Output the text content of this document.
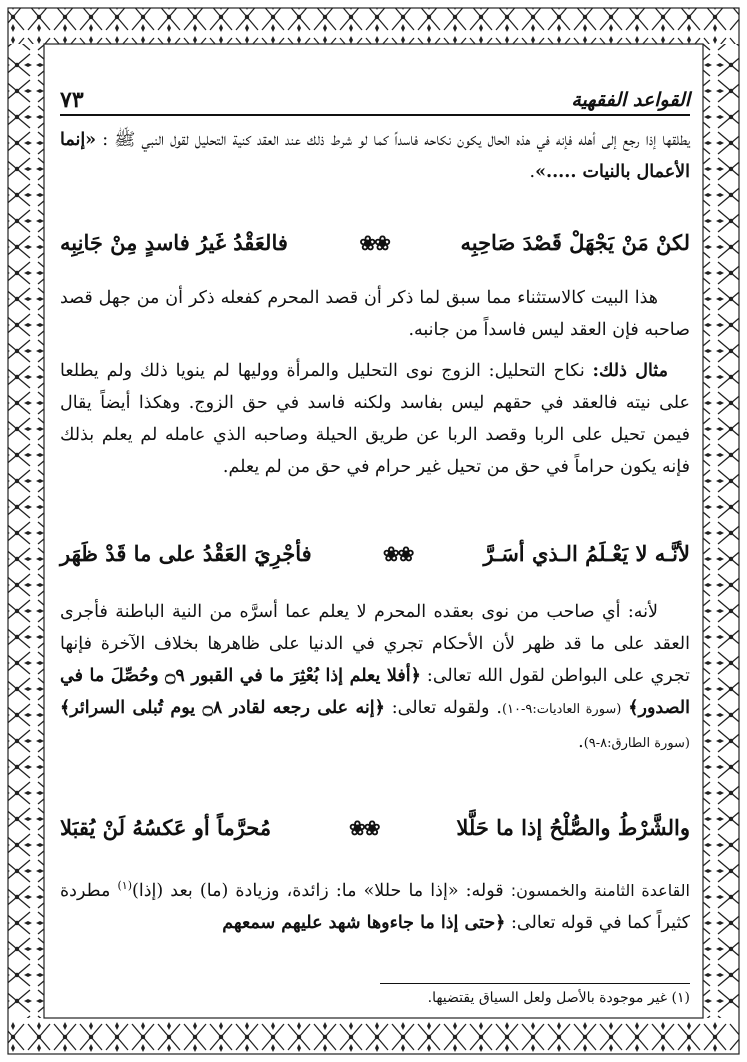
القواعد الفقهية
٧٣

يطلقها إذا رجع إلى أهله فإنه في هذه الحال يكون نكاحه فاسداً كما لو شرط ذلك عند العقد كنية التحليل لقول النبي ﷺ : «إنما الأعمال بالنيات .....».

لكنْ مَنْ يَجْهَلْ قَصْدَ صَاحِبِه
❀❀
فالعَقْدُ غَيرُ فاسدٍ مِنْ جَانِبِه

هذا البيت كالاستثناء مما سبق لما ذكر أن قصد المحرم كفعله ذكر أن من جهل قصد صاحبه فإن العقد ليس فاسداً من جانبه.

مثال ذلك: نكاح التحليل: الزوج نوى التحليل والمرأة ووليها لم ينويا ذلك ولم يطلعا على نيته فالعقد في حقهم ليس بفاسد ولكنه فاسد في حق الزوج. وهكذا أيضاً يقال فيمن تحيل على الربا وقصد الربا عن طريق الحيلة وصاحبه الذي عامله لم يعلم بذلك فإنه يكون حراماً في حق من تحيل غير حرام في حق من لم يعلم.

لأنَّـه لا يَعْـلَمُ الـذي أسَـرَّ
❀❀
فأجْرِيَ العَقْدُ على ما قَدْ ظَهَر

لأنه: أي صاحب من نوى بعقده المحرم لا يعلم عما أسرَّه من النية الباطنة فأجرى العقد على ما قد ظهر لأن الأحكام تجري في الدنيا على ظاهرها بخلاف الآخرة فإنها تجري على البواطن لقول الله تعالى: ﴿أفلا يعلم إذا بُعْثِرَ ما في القبور ۝٩ وحُصِّلَ ما في الصدور﴾ (سورة العاديات:٩-١٠). ولقوله تعالى: ﴿إنه على رجعه لقادر ۝٨ يوم تُبلى السرائر﴾ (سورة الطارق:٨-٩).

والشَّرْطُ والصُّلْحُ إذا ما حَلَّلا
❀❀
مُحرَّماً أو عَكسُهُ لَنْ يُقبَلا

القاعدة الثامنة والخمسون: قوله: «إذا ما حللا» ما: زائدة، وزيادة (ما) بعد (إذا)$^{(١)}$ مطردة كثيراً كما في قوله تعالى: ﴿حتى إذا ما جاءوها شهد عليهم سمعهم

(١) غير موجودة بالأصل ولعل السياق يقتضيها.
